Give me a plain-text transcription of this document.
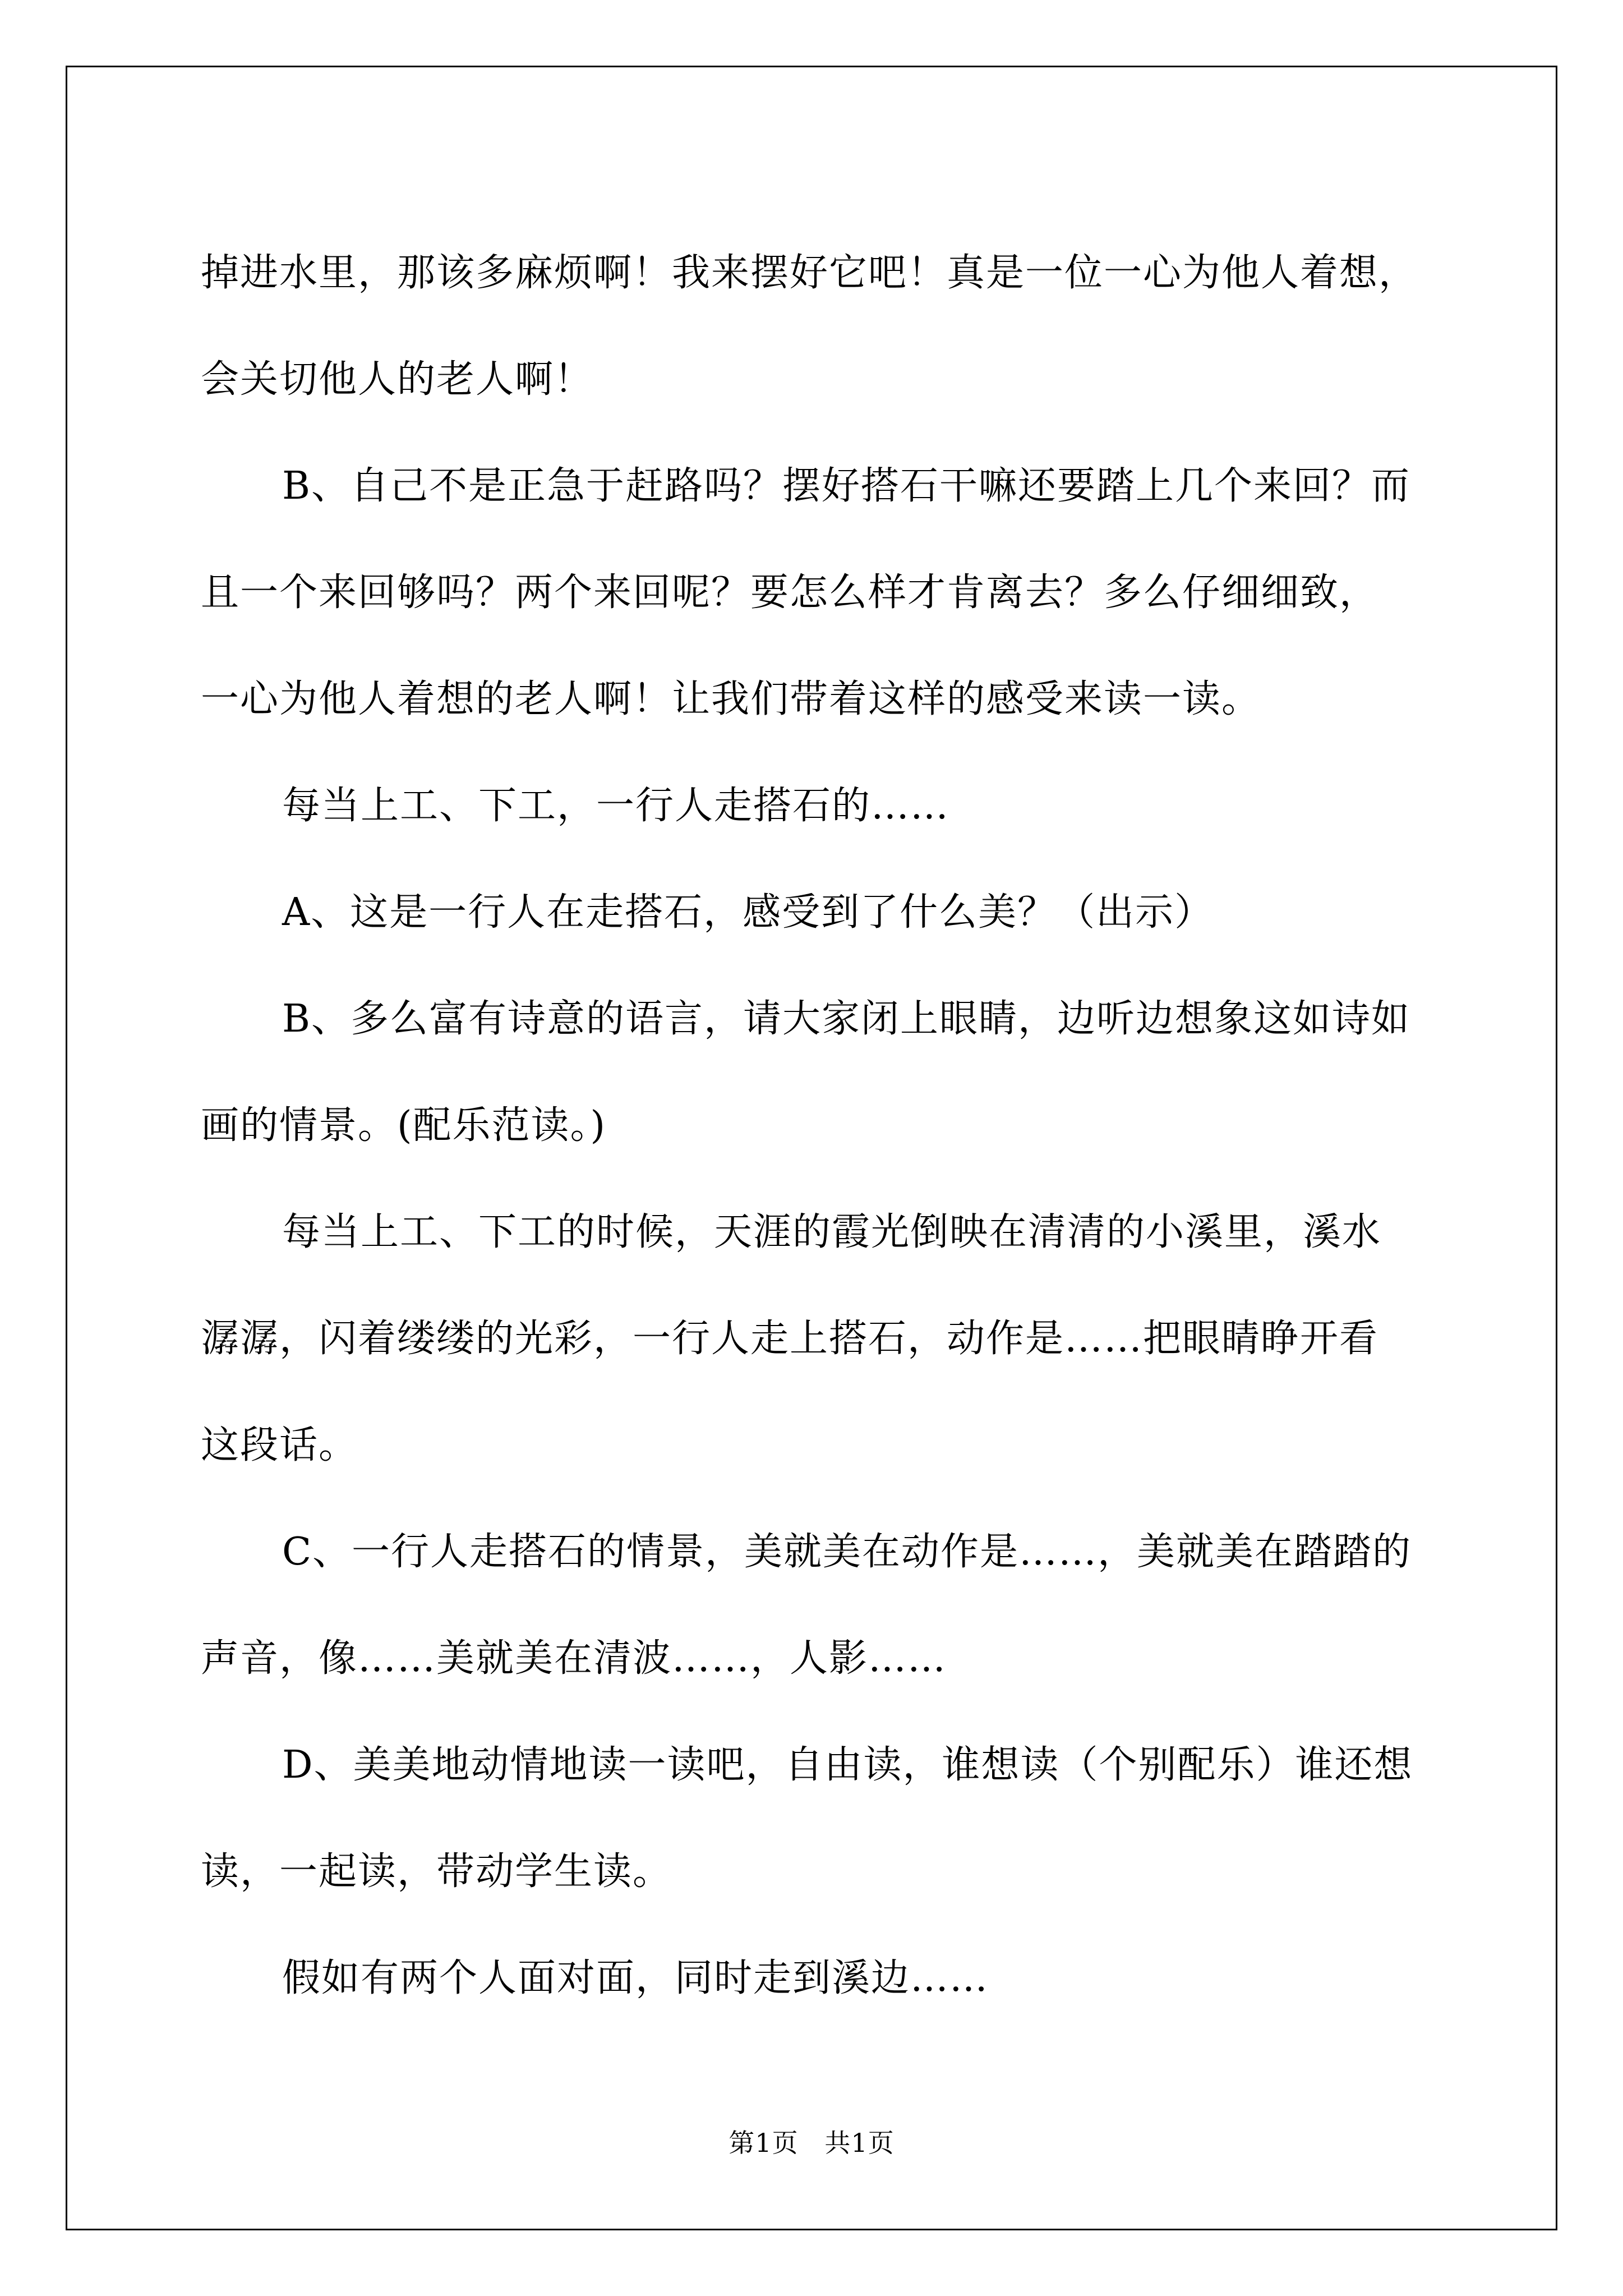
掉进水里，那该多麻烦啊！我来摆好它吧！真是一位一心为他人着想，
会关切他人的老人啊！
B、自己不是正急于赶路吗？摆好搭石干嘛还要踏上几个来回？而
且一个来回够吗？两个来回呢？要怎么样才肯离去？多么仔细细致，
一心为他人着想的老人啊！让我们带着这样的感受来读一读。
每当上工、下工，一行人走搭石的……
A、这是一行人在走搭石，感受到了什么美？（出示）
B、多么富有诗意的语言，请大家闭上眼睛，边听边想象这如诗如
画的情景。(配乐范读。)
每当上工、下工的时候，天涯的霞光倒映在清清的小溪里，溪水
潺潺，闪着缕缕的光彩，一行人走上搭石，动作是……把眼睛睁开看
这段话。
C、一行人走搭石的情景，美就美在动作是……，美就美在踏踏的
声音，像……美就美在清波……，人影……
D、美美地动情地读一读吧，自由读，谁想读（个别配乐）谁还想
读，一起读，带动学生读。
假如有两个人面对面，同时走到溪边……
第1页   共1页
